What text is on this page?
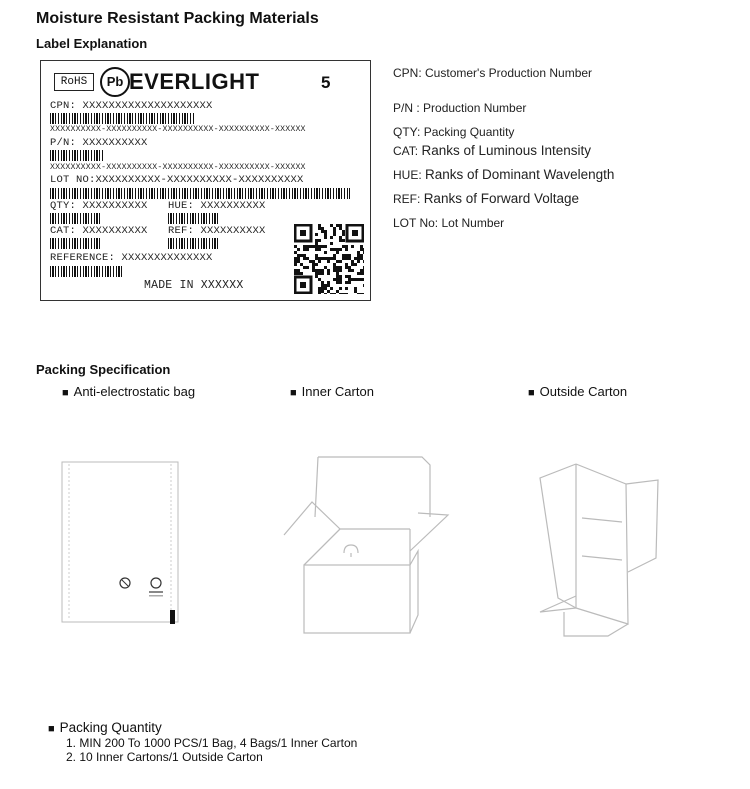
Moisture Resistant Packing Materials
Label Explanation
RoHS	Pb EVERLIGHT	5
CPN: XXXXXXXXXXXXXXXXXXXX
XXXXXXXXXX-XXXXXXXXXX-XXXXXXXXXX-XXXXXXXXXX-XXXXXX
P/N: XXXXXXXXXX
XXXXXXXXXX-XXXXXXXXXX-XXXXXXXXXX-XXXXXXXXXX-XXXXXX
LOT NO:XXXXXXXXXX-XXXXXXXXXX-XXXXXXXXXX
QTY: XXXXXXXXXX HUE: XXXXXXXXXX
CAT: XXXXXXXXXX REF: XXXXXXXXXX
REFERENCE: XXXXXXXXXXXXXX
MADE IN XXXXXX
CPN: Customer's Production Number
P/N : Production Number
QTY: Packing Quantity
CAT: Ranks of Luminous Intensity
HUE: Ranks of Dominant Wavelength
REF: Ranks of Forward Voltage
LOT No: Lot Number
Packing Specification
■ Anti-electrostatic bag	■ Inner Carton	■ Outside Carton
■ Packing Quantity
1. MIN 200 To 1000 PCS/1 Bag, 4 Bags/1 Inner Carton
2. 10 Inner Cartons/1 Outside Carton
